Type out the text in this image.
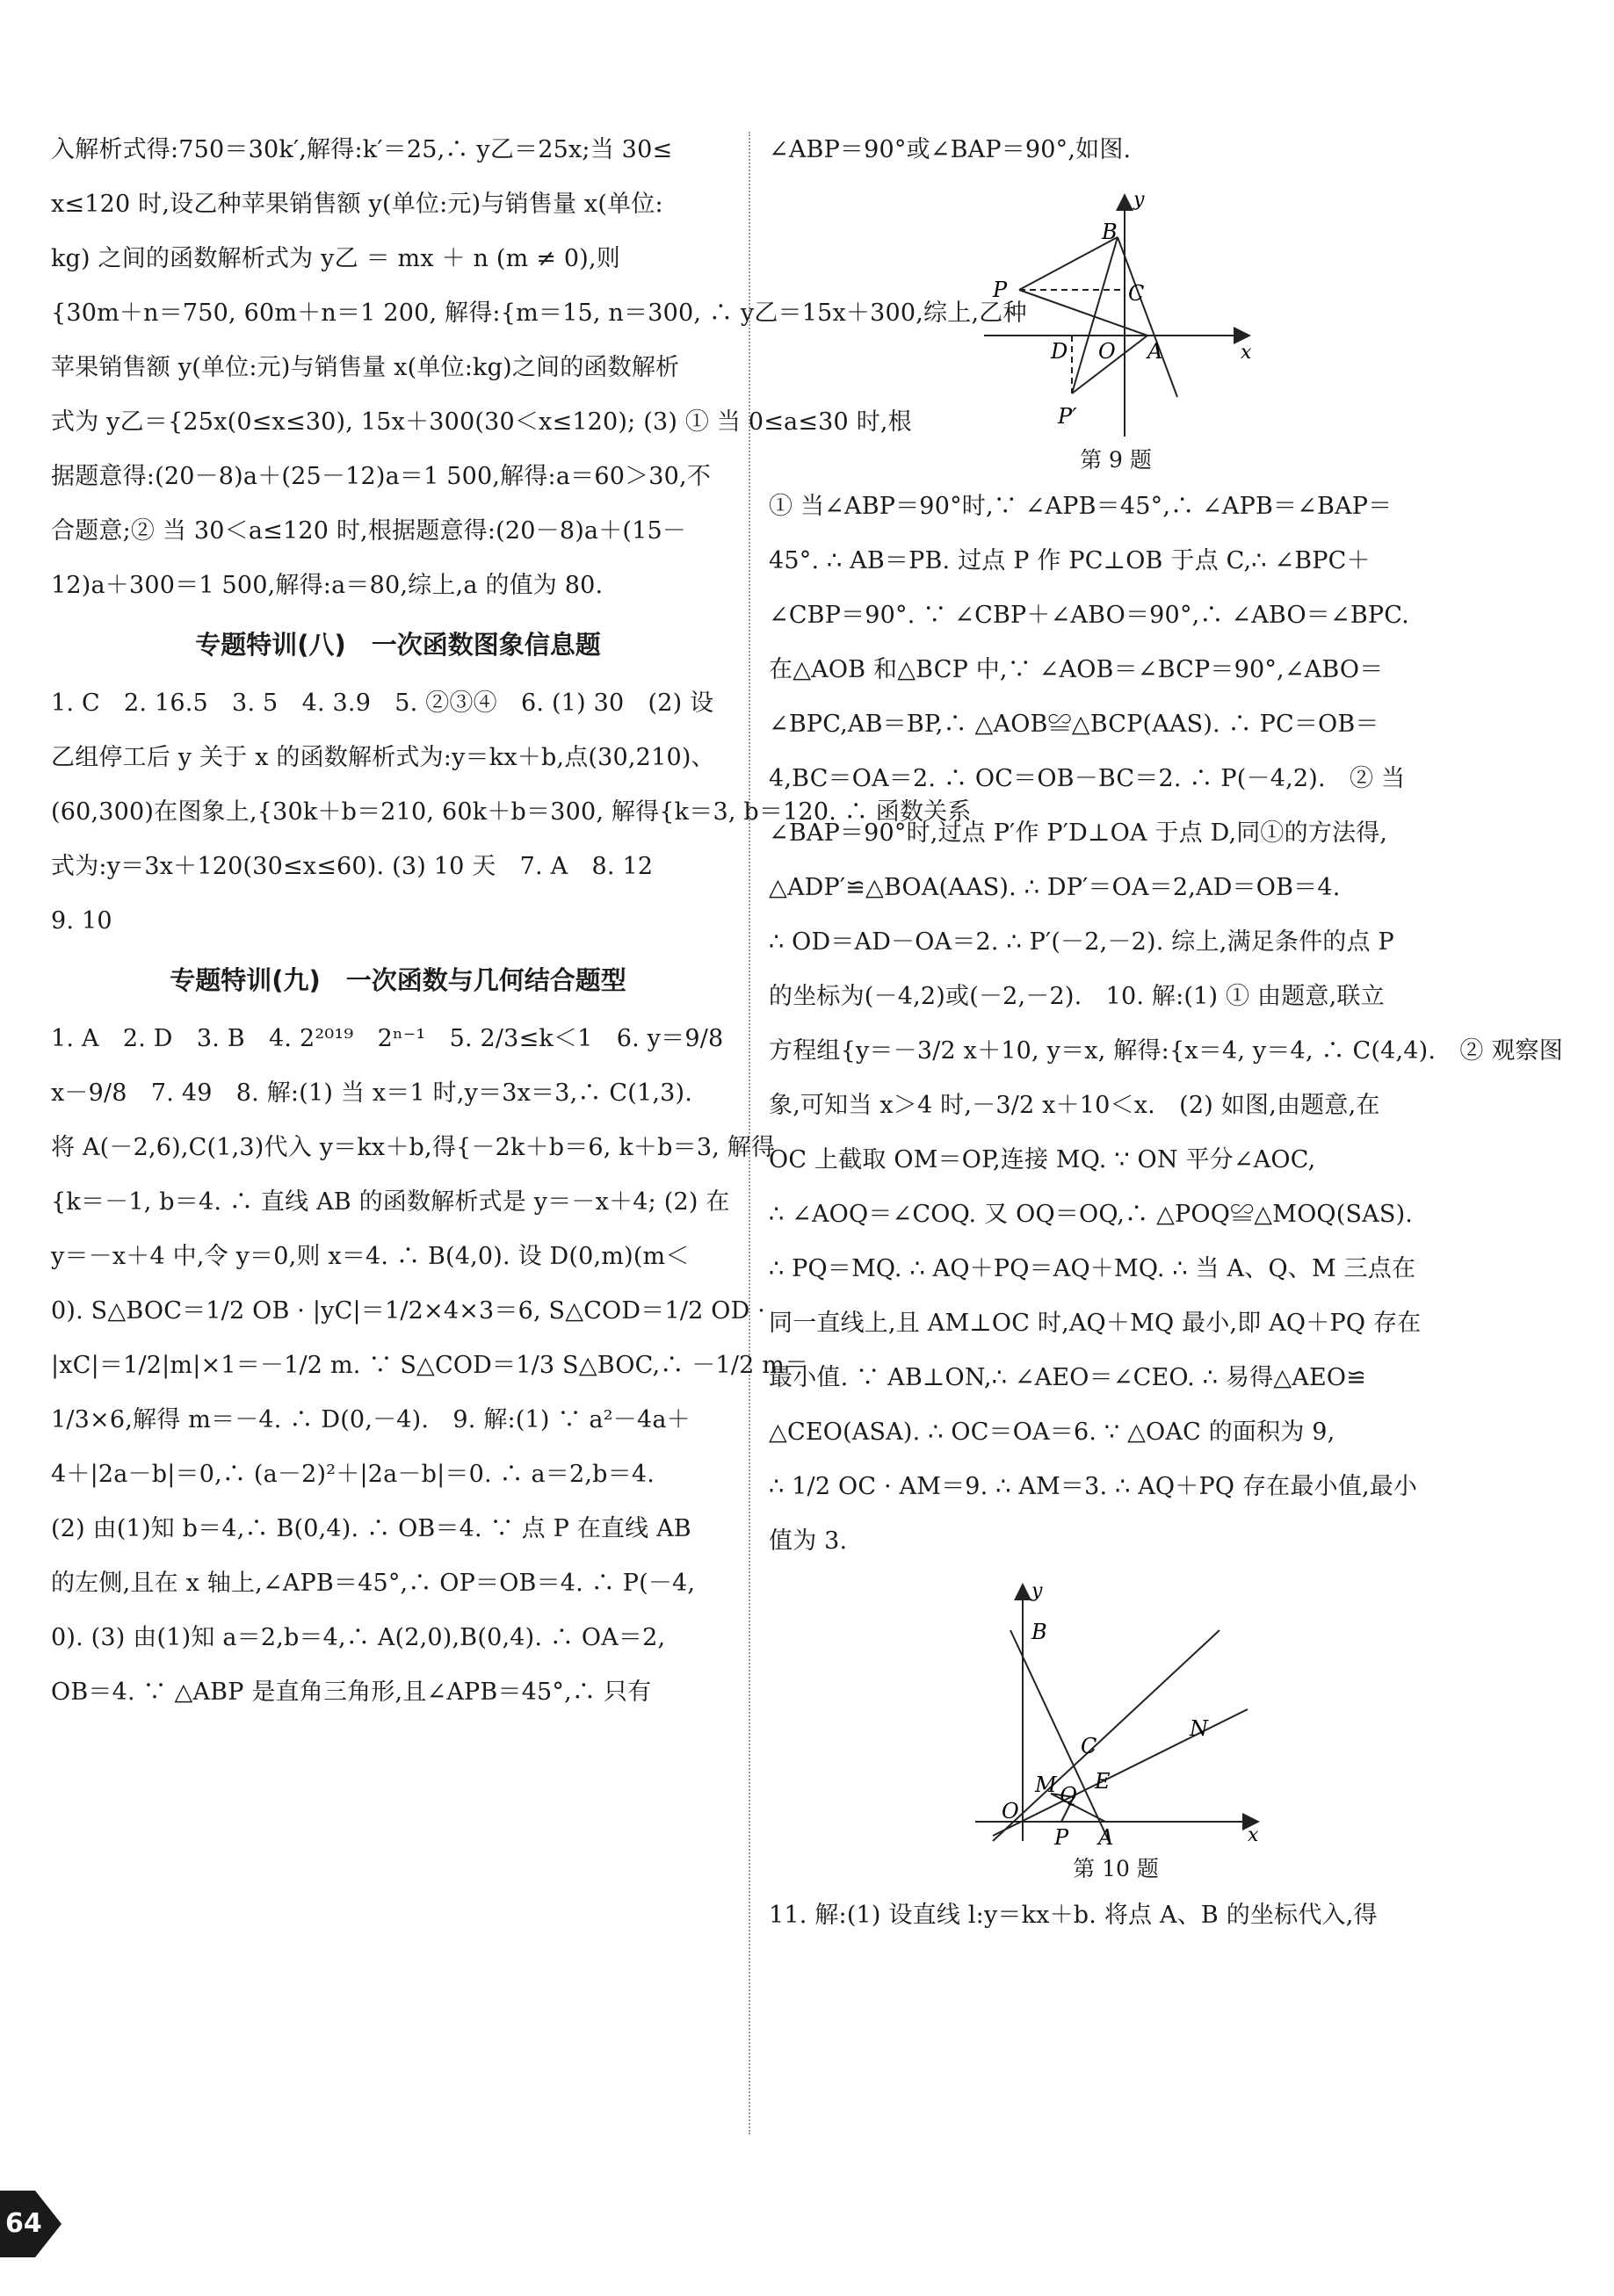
入解析式得:750＝30k′,解得:k′＝25,∴ y乙＝25x;当 30≤
x≤120 时,设乙种苹果销售额 y(单位:元)与销售量 x(单位:
kg) 之间的函数解析式为 y乙 ＝ mx ＋ n (m ≠ 0),则
{30m＋n＝750, 60m＋n＝1 200, 解得:{m＝15, n＝300, ∴ y乙＝15x＋300,综上,乙种
苹果销售额 y(单位:元)与销售量 x(单位:kg)之间的函数解析
式为 y乙＝{25x(0≤x≤30), 15x＋300(30＜x≤120); (3) ① 当 0≤a≤30 时,根
据题意得:(20－8)a＋(25－12)a＝1 500,解得:a＝60＞30,不
合题意;② 当 30＜a≤120 时,根据题意得:(20－8)a＋(15－
12)a＋300＝1 500,解得:a＝80,综上,a 的值为 80.
专题特训(八)　一次函数图象信息题
1. C　2. 16.5　3. 5　4. 3.9　5. ②③④　6. (1) 30　(2) 设
乙组停工后 y 关于 x 的函数解析式为:y＝kx＋b,点(30,210)、
(60,300)在图象上,{30k＋b＝210, 60k＋b＝300, 解得{k＝3, b＝120. ∴ 函数关系
式为:y＝3x＋120(30≤x≤60). (3) 10 天　7. A　8. 12
9. 10
专题特训(九)　一次函数与几何结合题型
1. A　2. D　3. B　4. 2²⁰¹⁹　2ⁿ⁻¹　5. 2/3≤k＜1　6. y＝9/8
x－9/8　7. 49　8. 解:(1) 当 x＝1 时,y＝3x＝3,∴ C(1,3).
将 A(－2,6),C(1,3)代入 y＝kx＋b,得{－2k＋b＝6, k＋b＝3, 解得
{k＝－1, b＝4. ∴ 直线 AB 的函数解析式是 y＝－x＋4; (2) 在
y＝－x＋4 中,令 y＝0,则 x＝4. ∴ B(4,0). 设 D(0,m)(m＜
0). S△BOC＝1/2 OB · |yC|＝1/2×4×3＝6, S△COD＝1/2 OD ·
|xC|＝1/2|m|×1＝－1/2 m. ∵ S△COD＝1/3 S△BOC,∴ －1/2 m＝
1/3×6,解得 m＝－4. ∴ D(0,－4).　9. 解:(1) ∵ a²－4a＋
4＋|2a－b|＝0,∴ (a－2)²＋|2a－b|＝0. ∴ a＝2,b＝4.
(2) 由(1)知 b＝4,∴ B(0,4). ∴ OB＝4. ∵ 点 P 在直线 AB
的左侧,且在 x 轴上,∠APB＝45°,∴ OP＝OB＝4. ∴ P(－4,
0). (3) 由(1)知 a＝2,b＝4,∴ A(2,0),B(0,4). ∴ OA＝2,
OB＝4. ∵ △ABP 是直角三角形,且∠APB＝45°,∴ 只有
∠ABP＝90°或∠BAP＝90°,如图.
y
x
B
P	C
D O A
P′
第 9 题
① 当∠ABP＝90°时,∵ ∠APB＝45°,∴ ∠APB＝∠BAP＝
45°. ∴ AB＝PB. 过点 P 作 PC⊥OB 于点 C,∴ ∠BPC＋
∠CBP＝90°. ∵ ∠CBP＋∠ABO＝90°,∴ ∠ABO＝∠BPC.
在△AOB 和△BCP 中,∵ ∠AOB＝∠BCP＝90°,∠ABO＝
∠BPC,AB＝BP,∴ △AOB≌△BCP(AAS). ∴ PC＝OB＝
4,BC＝OA＝2. ∴ OC＝OB－BC＝2. ∴ P(－4,2).　② 当
∠BAP＝90°时,过点 P′作 P′D⊥OA 于点 D,同①的方法得,
△ADP′≌△BOA(AAS). ∴ DP′＝OA＝2,AD＝OB＝4.
∴ OD＝AD－OA＝2. ∴ P′(－2,－2). 综上,满足条件的点 P
的坐标为(－4,2)或(－2,－2).　10. 解:(1) ① 由题意,联立
方程组{y＝－3/2 x＋10, y＝x, 解得:{x＝4, y＝4, ∴ C(4,4).　② 观察图
象,可知当 x＞4 时,－3/2 x＋10＜x.　(2) 如图,由题意,在
OC 上截取 OM＝OP,连接 MQ. ∵ ON 平分∠AOC,
∴ ∠AOQ＝∠COQ. 又 OQ＝OQ,∴ △POQ≌△MOQ(SAS).
∴ PQ＝MQ. ∴ AQ＋PQ＝AQ＋MQ. ∴ 当 A、Q、M 三点在
同一直线上,且 AM⊥OC 时,AQ＋MQ 最小,即 AQ＋PQ 存在
最小值. ∵ AB⊥ON,∴ ∠AEO＝∠CEO. ∴ 易得△AEO≌
△CEO(ASA). ∴ OC＝OA＝6. ∵ △OAC 的面积为 9,
∴ 1/2 OC · AM＝9. ∴ AM＝3. ∴ AQ＋PQ 存在最小值,最小
值为 3.
y
x
B
C
N
M Q
E
O
P A
第 10 题
11. 解:(1) 设直线 l:y＝kx＋b. 将点 A、B 的坐标代入,得
64
